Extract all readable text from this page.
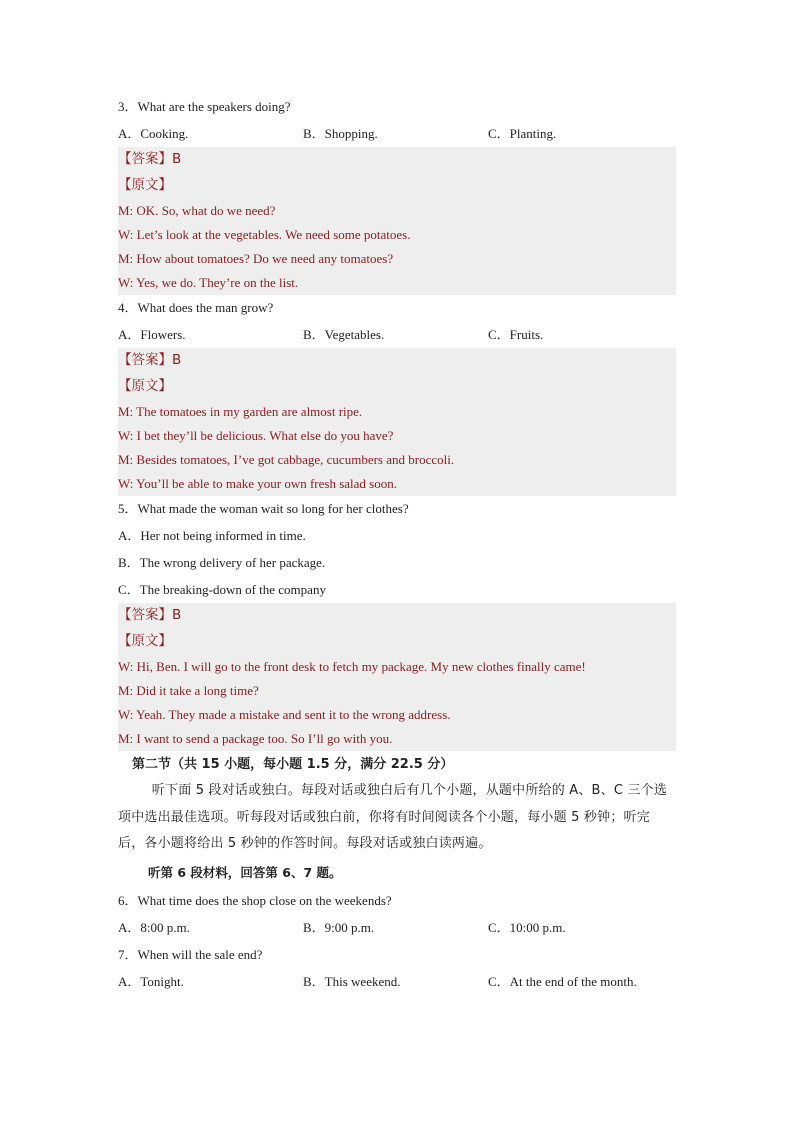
3．What are the speakers doing?
A．Cooking.	B．Shopping.	C．Planting.
【答案】B
【原文】
M: OK. So, what do we need?
W: Let’s look at the vegetables. We need some potatoes.
M: How about tomatoes? Do we need any tomatoes?
W: Yes, we do. They’re on the list.
4．What does the man grow?
A．Flowers.	B．Vegetables.	C．Fruits.
【答案】B
【原文】
M: The tomatoes in my garden are almost ripe.
W: I bet they’ll be delicious. What else do you have?
M: Besides tomatoes, I’ve got cabbage, cucumbers and broccoli.
W: You’ll be able to make your own fresh salad soon.
5．What made the woman wait so long for her clothes?
A．Her not being informed in time.
B．The wrong delivery of her package.
C．The breaking-down of the company
【答案】B
【原文】
W: Hi, Ben. I will go to the front desk to fetch my package. My new clothes finally came!
M: Did it take a long time?
W: Yeah. They made a mistake and sent it to the wrong address.
M: I want to send a package too. So I’ll go with you.
第二节（共 15 小题，每小题 1.5 分，满分 22.5 分）
听下面 5 段对话或独白。每段对话或独白后有几个小题，从题中所给的 A、B、C 三个选项中选出最佳选项。听每段对话或独白前，你将有时间阅读各个小题，每小题 5 秒钟；听完后，各小题将给出 5 秒钟的作答时间。每段对话或独白读两遍。
听第 6 段材料，回答第 6、7 题。
6．What time does the shop close on the weekends?
A．8:00 p.m.	B．9:00 p.m.	C．10:00 p.m.
7．When will the sale end?
A．Tonight.	B．This weekend.	C．At the end of the month.
